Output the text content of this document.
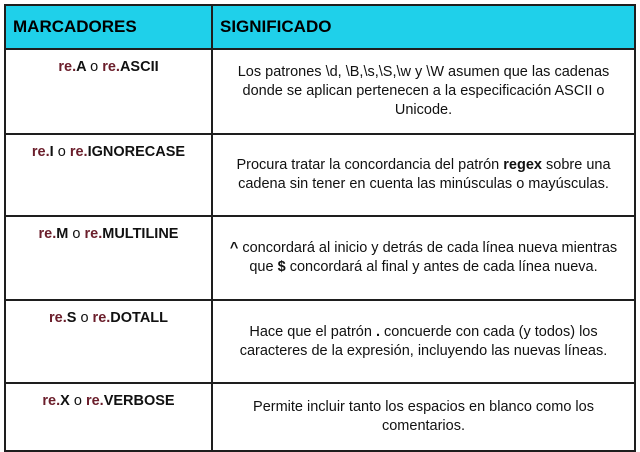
MARCADORES	SIGNIFICADO
re.A o re.ASCII	Los patrones \d, \B,\s,\S,\w y \W asumen que las cadenas donde se aplican pertenecen a la especificación ASCII o Unicode.
re.I o re.IGNORECASE	Procura tratar la concordancia del patrón regex sobre una cadena sin tener en cuenta las minúsculas o mayúsculas.
re.M o re.MULTILINE	^ concordará al inicio y detrás de cada línea nueva mientras que $ concordará al final y antes de cada línea nueva.
re.S o re.DOTALL	Hace que el patrón . concuerde con cada (y todos) los caracteres de la expresión, incluyendo las nuevas líneas.
re.X o re.VERBOSE	Permite incluir tanto los espacios en blanco como los comentarios.
